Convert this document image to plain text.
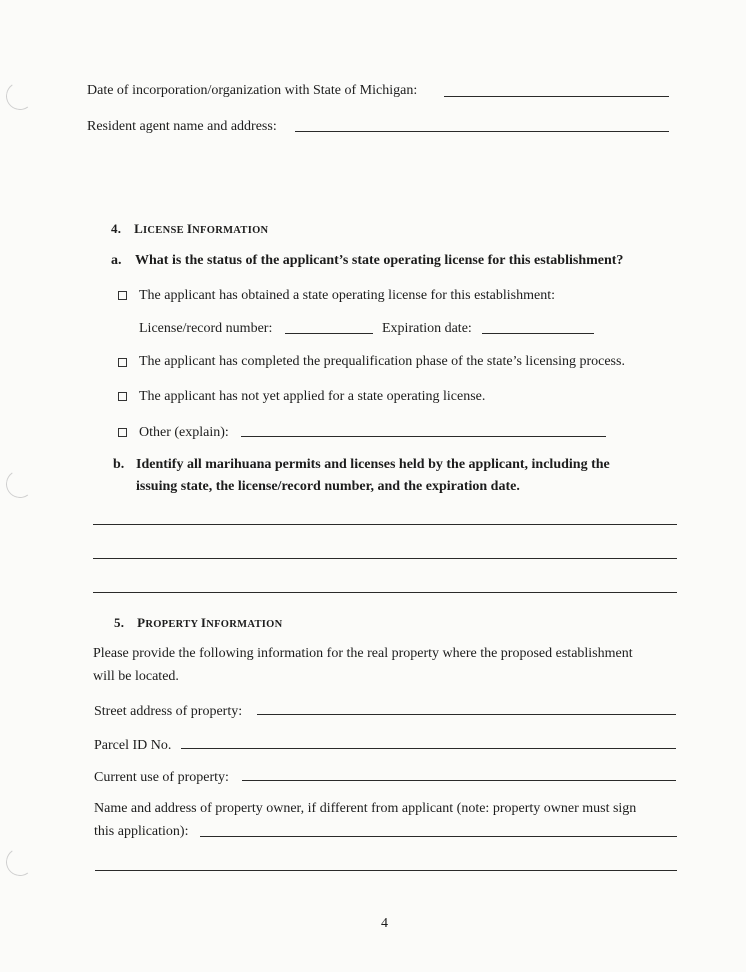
Date of incorporation/organization with State of Michigan:
Resident agent name and address:
4. LICENSE INFORMATION
a. What is the status of the applicant’s state operating license for this establishment?
The applicant has obtained a state operating license for this establishment:
License/record number:	Expiration date:
The applicant has completed the prequalification phase of the state’s licensing process.
The applicant has not yet applied for a state operating license.
Other (explain):
b. Identify all marihuana permits and licenses held by the applicant, including the
issuing state, the license/record number, and the expiration date.
5. PROPERTY INFORMATION
Please provide the following information for the real property where the proposed establishment
will be located.
Street address of property:
Parcel ID No.
Current use of property:
Name and address of property owner, if different from applicant (note: property owner must sign
this application):
4
